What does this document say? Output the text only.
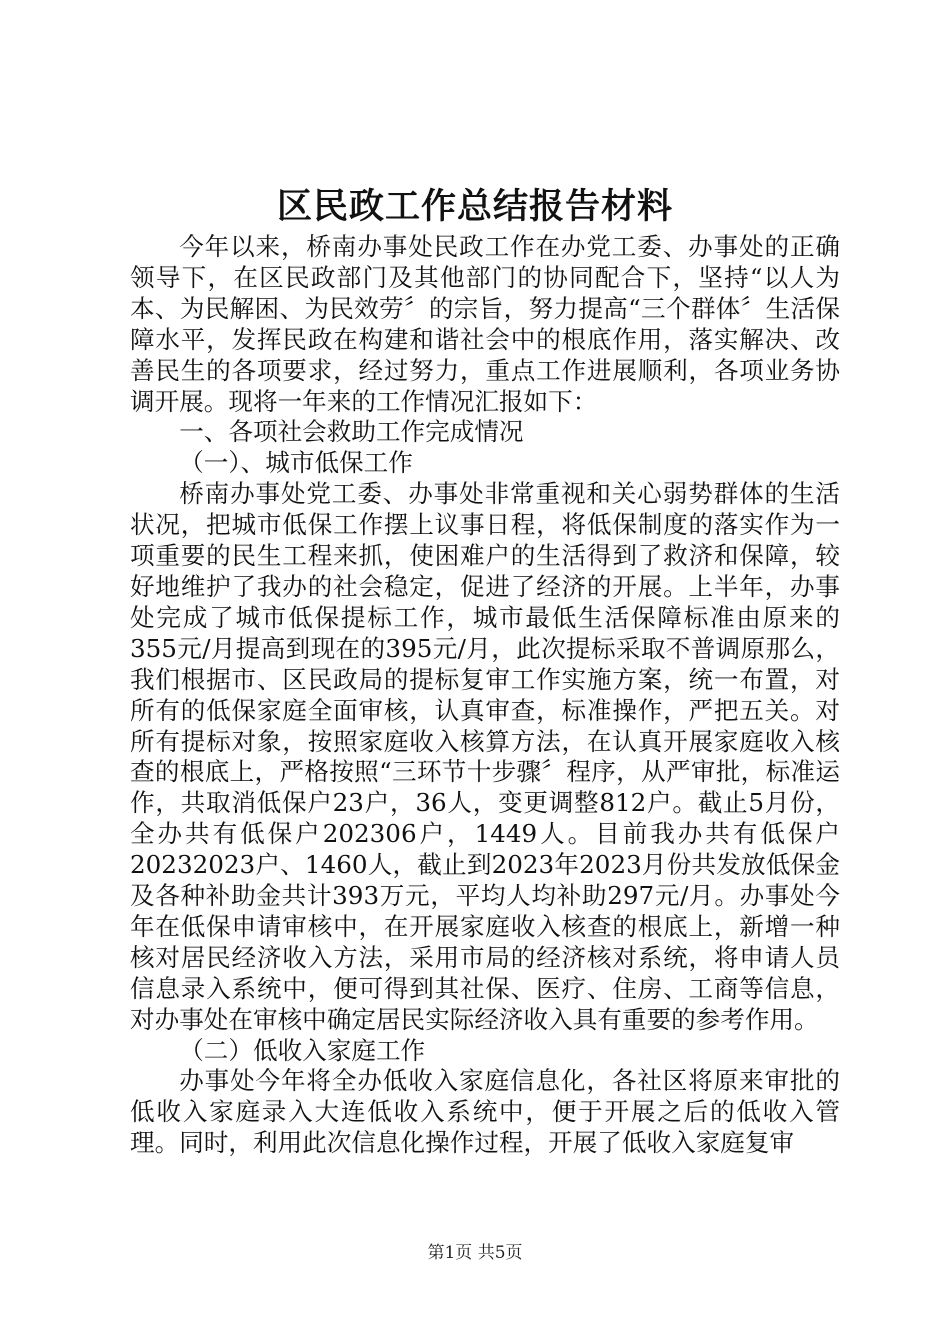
区民政工作总结报告材料

今年以来，桥南办事处民政工作在办党工委、办事处的正确领导下，在区民政部门及其他部门的协同配合下，坚持“以人为本、为民解困、为民效劳〞的宗旨，努力提高“三个群体〞生活保障水平，发挥民政在构建和谐社会中的根底作用，落实解决、改善民生的各项要求，经过努力，重点工作进展顺利，各项业务协调开展。现将一年来的工作情况汇报如下：

一、各项社会救助工作完成情况

（一）、城市低保工作

桥南办事处党工委、办事处非常重视和关心弱势群体的生活状况，把城市低保工作摆上议事日程，将低保制度的落实作为一项重要的民生工程来抓，使困难户的生活得到了救济和保障，较好地维护了我办的社会稳定，促进了经济的开展。上半年，办事处完成了城市低保提标工作，城市最低生活保障标准由原来的355元/月提高到现在的395元/月，此次提标采取不普调原那么，我们根据市、区民政局的提标复审工作实施方案，统一布置，对所有的低保家庭全面审核，认真审查，标准操作，严把五关。对所有提标对象，按照家庭收入核算方法，在认真开展家庭收入核查的根底上，严格按照“三环节十步骤〞程序，从严审批，标准运作，共取消低保户23户，36人，变更调整812户。截止5月份，全办共有低保户202306户，1449人。目前我办共有低保户20232023户、1460人，截止到2023年2023月份共发放低保金及各种补助金共计393万元，平均人均补助297元/月。办事处今年在低保申请审核中，在开展家庭收入核查的根底上，新增一种核对居民经济收入方法，采用市局的经济核对系统，将申请人员信息录入系统中，便可得到其社保、医疗、住房、工商等信息，对办事处在审核中确定居民实际经济收入具有重要的参考作用。

（二）低收入家庭工作

办事处今年将全办低收入家庭信息化，各社区将原来审批的低收入家庭录入大连低收入系统中，便于开展之后的低收入管理。同时，利用此次信息化操作过程，开展了低收入家庭复审

第1页 共5页
